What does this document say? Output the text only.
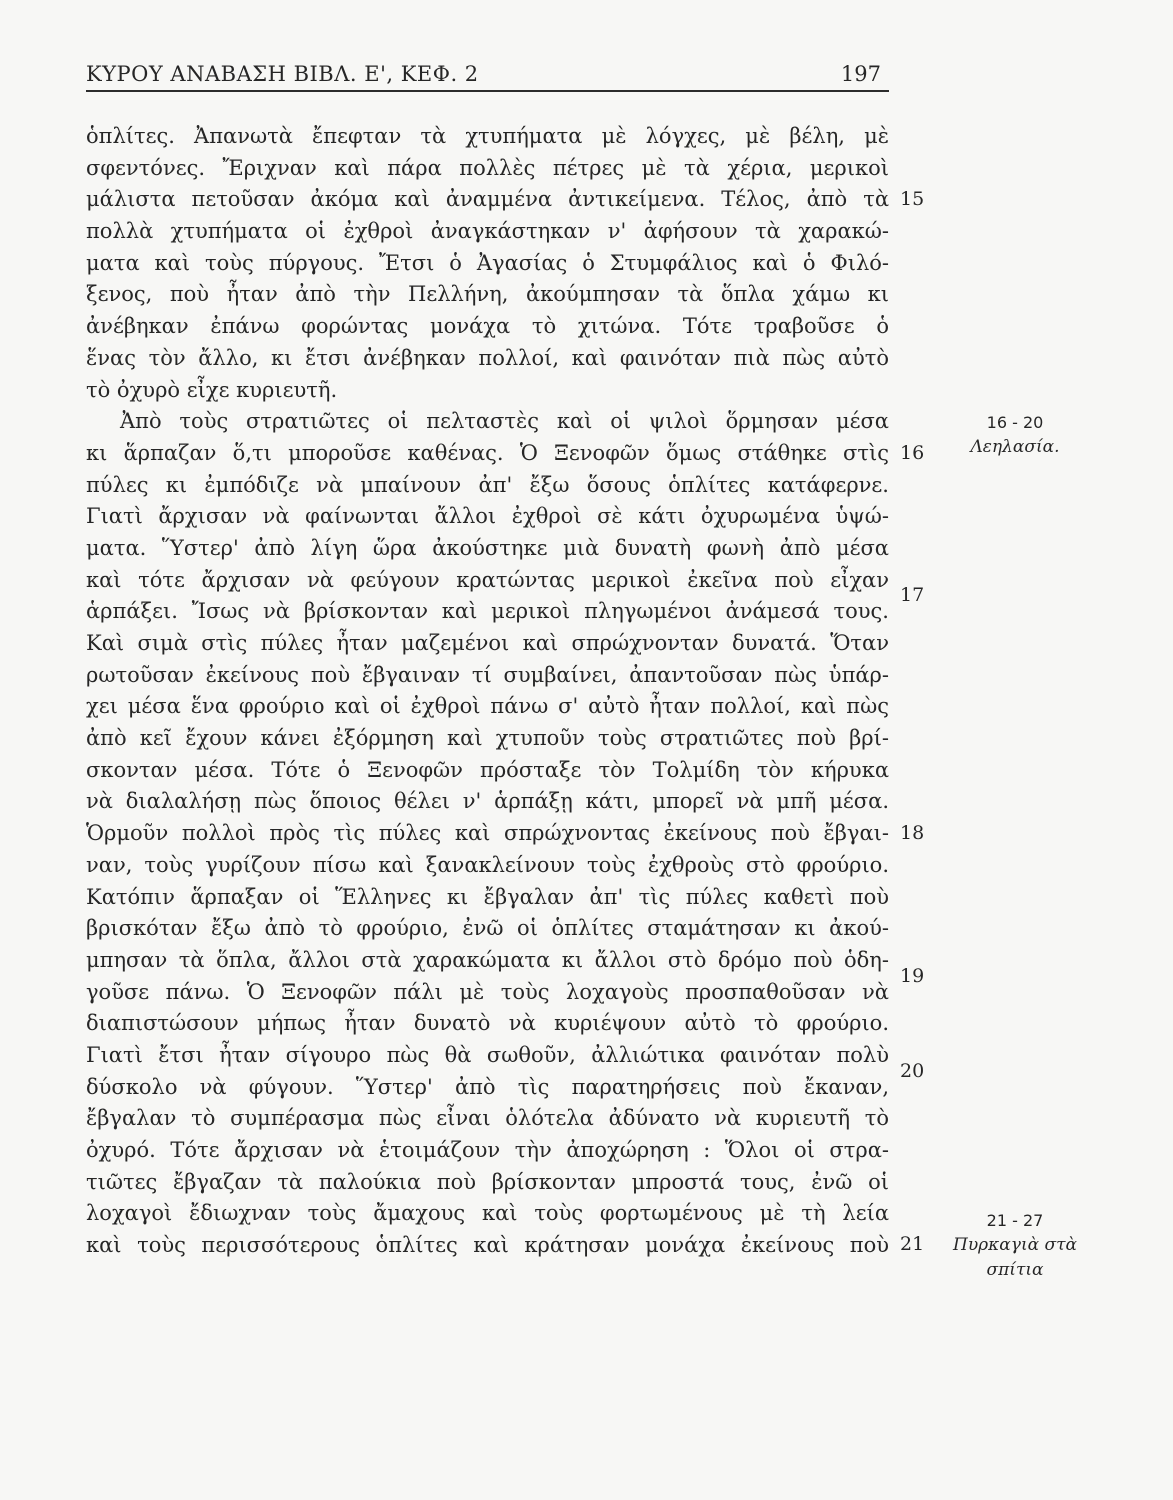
ΚΥΡΟΥ ΑΝΑΒΑΣΗ ΒΙΒΛ. Ε', ΚΕΦ. 2	197
ὁπλίτες. Ἀπανωτὰ ἔπεφταν τὰ χτυπήματα μὲ λόγχες, μὲ βέλη, μὲ
σφεντόνες. Ἔριχναν καὶ πάρα πολλὲς πέτρες μὲ τὰ χέρια, μερικοὶ
μάλιστα πετοῦσαν ἀκόμα καὶ ἀναμμένα ἀντικείμενα. Τέλος, ἀπὸ τὰ
πολλὰ χτυπήματα οἱ ἐχθροὶ ἀναγκάστηκαν ν' ἀφήσουν τὰ χαρακώ-
ματα καὶ τοὺς πύργους. Ἔτσι ὁ Ἀγασίας ὁ Στυμφάλιος καὶ ὁ Φιλό-
ξενος, ποὺ ἦταν ἀπὸ τὴν Πελλήνη, ἀκούμπησαν τὰ ὅπλα χάμω κι
ἀνέβηκαν ἐπάνω φορώντας μονάχα τὸ χιτώνα. Τότε τραβοῦσε ὁ
ἕνας τὸν ἄλλο, κι ἔτσι ἀνέβηκαν πολλοί, καὶ φαινόταν πιὰ πὼς αὐτὸ
τὸ ὀχυρὸ εἶχε κυριευτῆ.
Ἀπὸ τοὺς στρατιῶτες οἱ πελταστὲς καὶ οἱ ψιλοὶ ὅρμησαν μέσα
κι ἅρπαζαν ὅ,τι μποροῦσε καθένας. Ὁ Ξενοφῶν ὅμως στάθηκε στὶς
πύλες κι ἐμπόδιζε νὰ μπαίνουν ἀπ' ἔξω ὅσους ὁπλίτες κατάφερνε.
Γιατὶ ἄρχισαν νὰ φαίνωνται ἄλλοι ἐχθροὶ σὲ κάτι ὀχυρωμένα ὑψώ-
ματα. Ὕστερ' ἀπὸ λίγη ὥρα ἀκούστηκε μιὰ δυνατὴ φωνὴ ἀπὸ μέσα
καὶ τότε ἄρχισαν νὰ φεύγουν κρατώντας μερικοὶ ἐκεῖνα ποὺ εἶχαν
ἁρπάξει. Ἴσως νὰ βρίσκονταν καὶ μερικοὶ πληγωμένοι ἀνάμεσά τους.
Καὶ σιμὰ στὶς πύλες ἦταν μαζεμένοι καὶ σπρώχνονταν δυνατά. Ὅταν
ρωτοῦσαν ἐκείνους ποὺ ἔβγαιναν τί συμβαίνει, ἀπαντοῦσαν πὼς ὑπάρ-
χει μέσα ἕνα φρούριο καὶ οἱ ἐχθροὶ πάνω σ' αὐτὸ ἦταν πολλοί, καὶ πὼς
ἀπὸ κεῖ ἔχουν κάνει ἐξόρμηση καὶ χτυποῦν τοὺς στρατιῶτες ποὺ βρί-
σκονταν μέσα. Τότε ὁ Ξενοφῶν πρόσταξε τὸν Τολμίδη τὸν κήρυκα
νὰ διαλαλήσῃ πὼς ὅποιος θέλει ν' ἁρπάξῃ κάτι, μπορεῖ νὰ μπῆ μέσα.
Ὁρμοῦν πολλοὶ πρὸς τὶς πύλες καὶ σπρώχνοντας ἐκείνους ποὺ ἔβγαι-
ναν, τοὺς γυρίζουν πίσω καὶ ξανακλείνουν τοὺς ἐχθροὺς στὸ φρούριο.
Κατόπιν ἅρπαξαν οἱ Ἕλληνες κι ἔβγαλαν ἀπ' τὶς πύλες καθετὶ ποὺ
βρισκόταν ἔξω ἀπὸ τὸ φρούριο, ἐνῶ οἱ ὁπλίτες σταμάτησαν κι ἀκού-
μπησαν τὰ ὅπλα, ἄλλοι στὰ χαρακώματα κι ἄλλοι στὸ δρόμο ποὺ ὁδη-
γοῦσε πάνω. Ὁ Ξενοφῶν πάλι μὲ τοὺς λοχαγοὺς προσπαθοῦσαν νὰ
διαπιστώσουν μήπως ἦταν δυνατὸ νὰ κυριέψουν αὐτὸ τὸ φρούριο.
Γιατὶ ἔτσι ἦταν σίγουρο πὼς θὰ σωθοῦν, ἀλλιώτικα φαινόταν πολὺ
δύσκολο νὰ φύγουν. Ὕστερ' ἀπὸ τὶς παρατηρήσεις ποὺ ἔκαναν,
ἔβγαλαν τὸ συμπέρασμα πὼς εἶναι ὁλότελα ἀδύνατο νὰ κυριευτῆ τὸ
ὀχυρό. Τότε ἄρχισαν νὰ ἑτοιμάζουν τὴν ἀποχώρηση : Ὅλοι οἱ στρα-
τιῶτες ἔβγαζαν τὰ παλούκια ποὺ βρίσκονταν μπροστά τους, ἐνῶ οἱ
λοχαγοὶ ἔδιωχναν τοὺς ἄμαχους καὶ τοὺς φορτωμένους μὲ τὴ λεία
καὶ τοὺς περισσότερους ὁπλίτες καὶ κράτησαν μονάχα ἐκείνους ποὺ
15
16
17
18
19
20
21
16 - 20
Λεηλασία.
21 - 27
Πυρκαγιὰ στὰ
σπίτια
